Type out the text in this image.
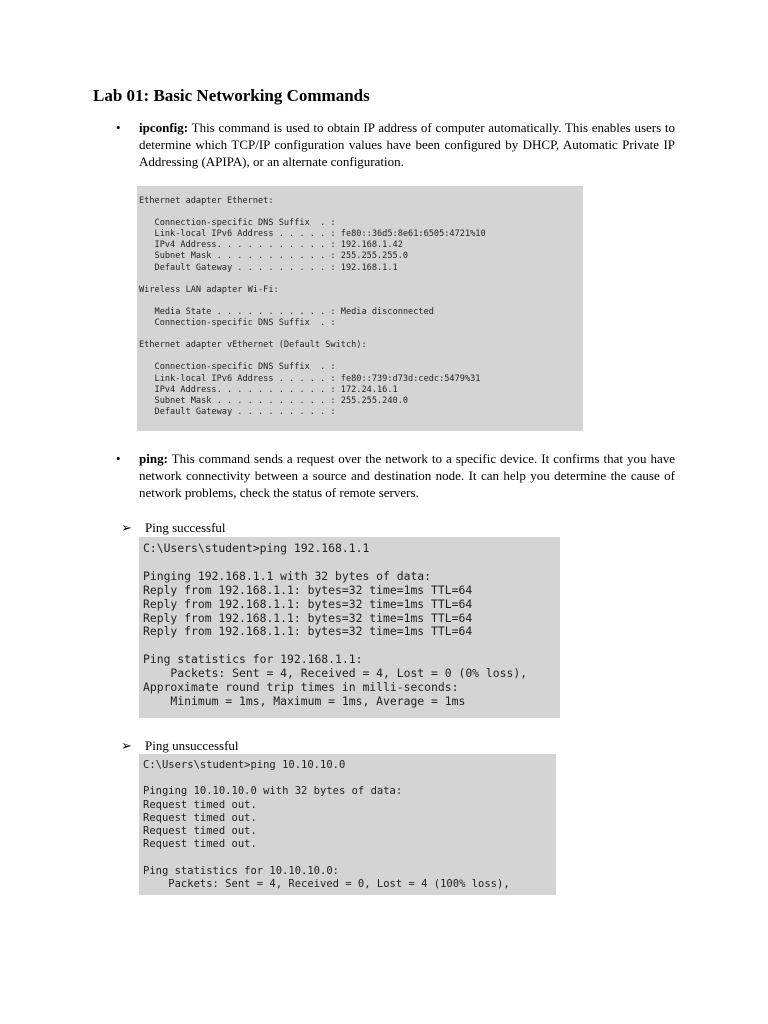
Lab 01: Basic Networking Commands
• ipconfig: This command is used to obtain IP address of computer automatically. This enables users to determine which TCP/IP configuration values have been configured by DHCP, Automatic Private IP Addressing (APIPA), or an alternate configuration.
Ethernet adapter Ethernet:

Connection-specific DNS Suffix  . :
Link-local IPv6 Address . . . . . : fe80::36d5:8e61:6505:4721%10
IPv4 Address. . . . . . . . . . . : 192.168.1.42
Subnet Mask . . . . . . . . . . . : 255.255.255.0
Default Gateway . . . . . . . . . : 192.168.1.1

Wireless LAN adapter Wi-Fi:

Media State . . . . . . . . . . . : Media disconnected
Connection-specific DNS Suffix  . :

Ethernet adapter vEthernet (Default Switch):

Connection-specific DNS Suffix  . :
Link-local IPv6 Address . . . . . : fe80::739:d73d:cedc:5479%31
IPv4 Address. . . . . . . . . . . : 172.24.16.1
Subnet Mask . . . . . . . . . . . : 255.255.240.0
Default Gateway . . . . . . . . . :
• ping: This command sends a request over the network to a specific device. It confirms that you have network connectivity between a source and destination node. It can help you determine the cause of network problems, check the status of remote servers.
➢ Ping successful
C:\Users\student>ping 192.168.1.1

Pinging 192.168.1.1 with 32 bytes of data:
Reply from 192.168.1.1: bytes=32 time=1ms TTL=64
Reply from 192.168.1.1: bytes=32 time=1ms TTL=64
Reply from 192.168.1.1: bytes=32 time=1ms TTL=64
Reply from 192.168.1.1: bytes=32 time=1ms TTL=64

Ping statistics for 192.168.1.1:
Packets: Sent = 4, Received = 4, Lost = 0 (0% loss),
Approximate round trip times in milli-seconds:
Minimum = 1ms, Maximum = 1ms, Average = 1ms
➢ Ping unsuccessful
C:\Users\student>ping 10.10.10.0

Pinging 10.10.10.0 with 32 bytes of data:
Request timed out.
Request timed out.
Request timed out.
Request timed out.

Ping statistics for 10.10.10.0:
Packets: Sent = 4, Received = 0, Lost = 4 (100% loss),
